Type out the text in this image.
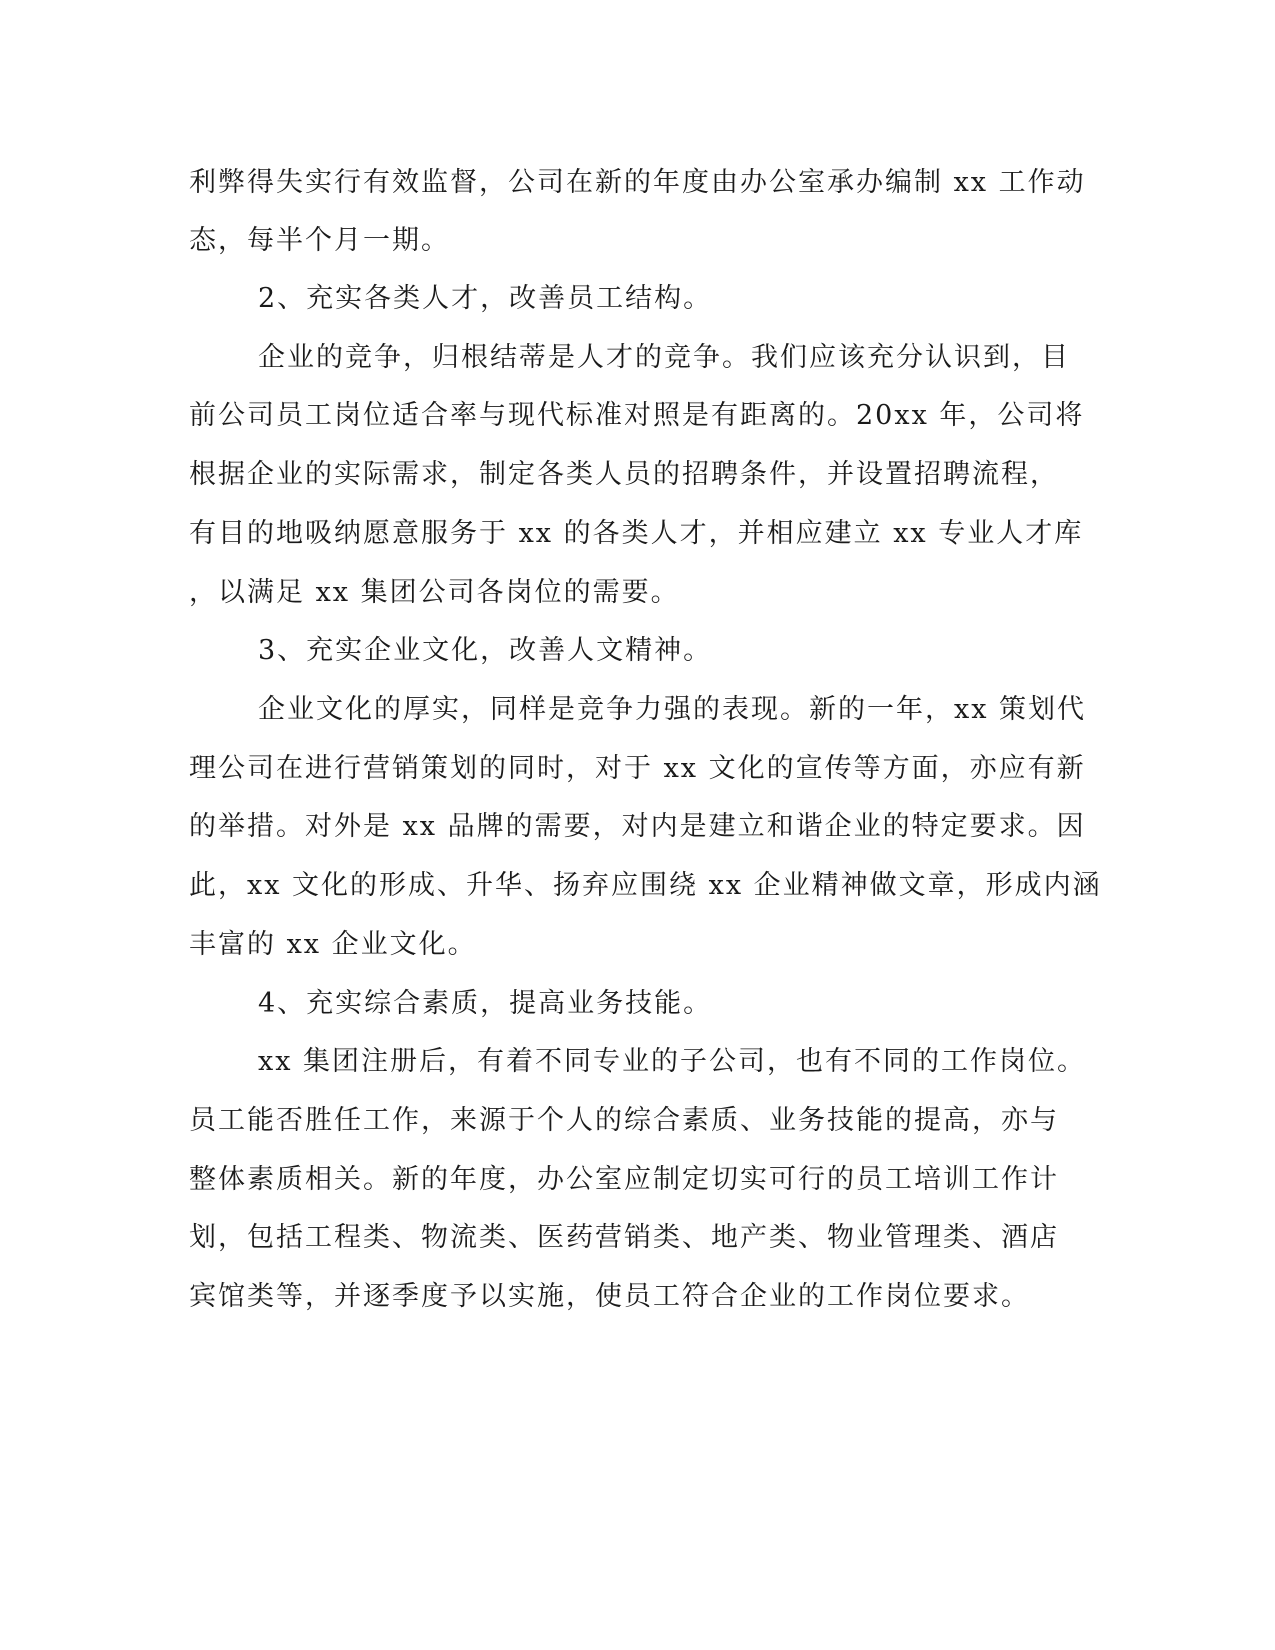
利弊得失实行有效监督，公司在新的年度由办公室承办编制 xx 工作动
态，每半个月一期。
2、充实各类人才，改善员工结构。
企业的竞争，归根结蒂是人才的竞争。我们应该充分认识到，目
前公司员工岗位适合率与现代标准对照是有距离的。20xx 年，公司将
根据企业的实际需求，制定各类人员的招聘条件，并设置招聘流程，
有目的地吸纳愿意服务于 xx 的各类人才，并相应建立 xx 专业人才库
，以满足 xx 集团公司各岗位的需要。
3、充实企业文化，改善人文精神。
企业文化的厚实，同样是竞争力强的表现。新的一年，xx 策划代
理公司在进行营销策划的同时，对于 xx 文化的宣传等方面，亦应有新
的举措。对外是 xx 品牌的需要，对内是建立和谐企业的特定要求。因
此，xx 文化的形成、升华、扬弃应围绕 xx 企业精神做文章，形成内涵
丰富的 xx 企业文化。
4、充实综合素质，提高业务技能。
xx 集团注册后，有着不同专业的子公司，也有不同的工作岗位。
员工能否胜任工作，来源于个人的综合素质、业务技能的提高，亦与
整体素质相关。新的年度，办公室应制定切实可行的员工培训工作计
划，包括工程类、物流类、医药营销类、地产类、物业管理类、酒店
宾馆类等，并逐季度予以实施，使员工符合企业的工作岗位要求。
